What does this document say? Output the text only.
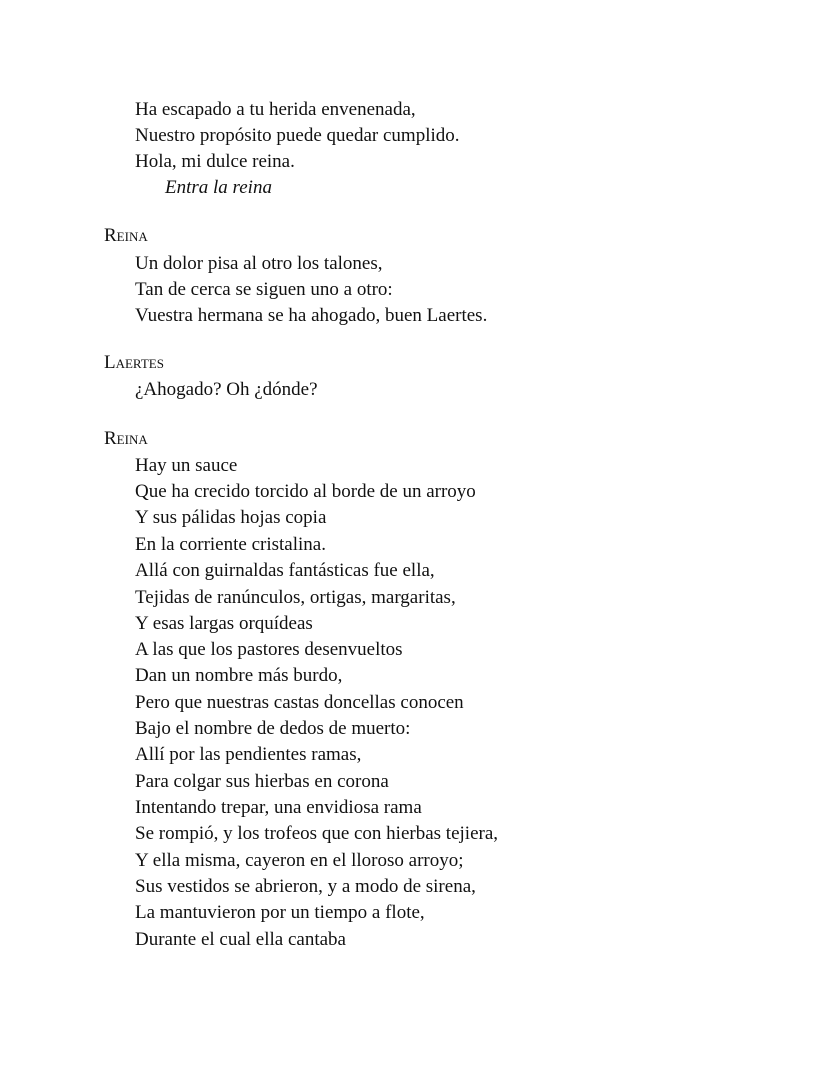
Ha escapado a tu herida envenenada,
Nuestro propósito puede quedar cumplido.
Hola, mi dulce reina.
Entra la reina
Reina
Un dolor pisa al otro los talones,
Tan de cerca se siguen uno a otro:
Vuestra hermana se ha ahogado, buen Laertes.
Laertes
¿Ahogado? Oh ¿dónde?
Reina
Hay un sauce
Que ha crecido torcido al borde de un arroyo
Y sus pálidas hojas copia
En la corriente cristalina.
Allá con guirnaldas fantásticas fue ella,
Tejidas de ranúnculos, ortigas, margaritas,
Y esas largas orquídeas
A las que los pastores desenvueltos
Dan un nombre más burdo,
Pero que nuestras castas doncellas conocen
Bajo el nombre de dedos de muerto:
Allí por las pendientes ramas,
Para colgar sus hierbas en corona
Intentando trepar, una envidiosa rama
Se rompió, y los trofeos que con hierbas tejiera,
Y ella misma, cayeron en el lloroso arroyo;
Sus vestidos se abrieron, y a modo de sirena,
La mantuvieron por un tiempo a flote,
Durante el cual ella cantaba
